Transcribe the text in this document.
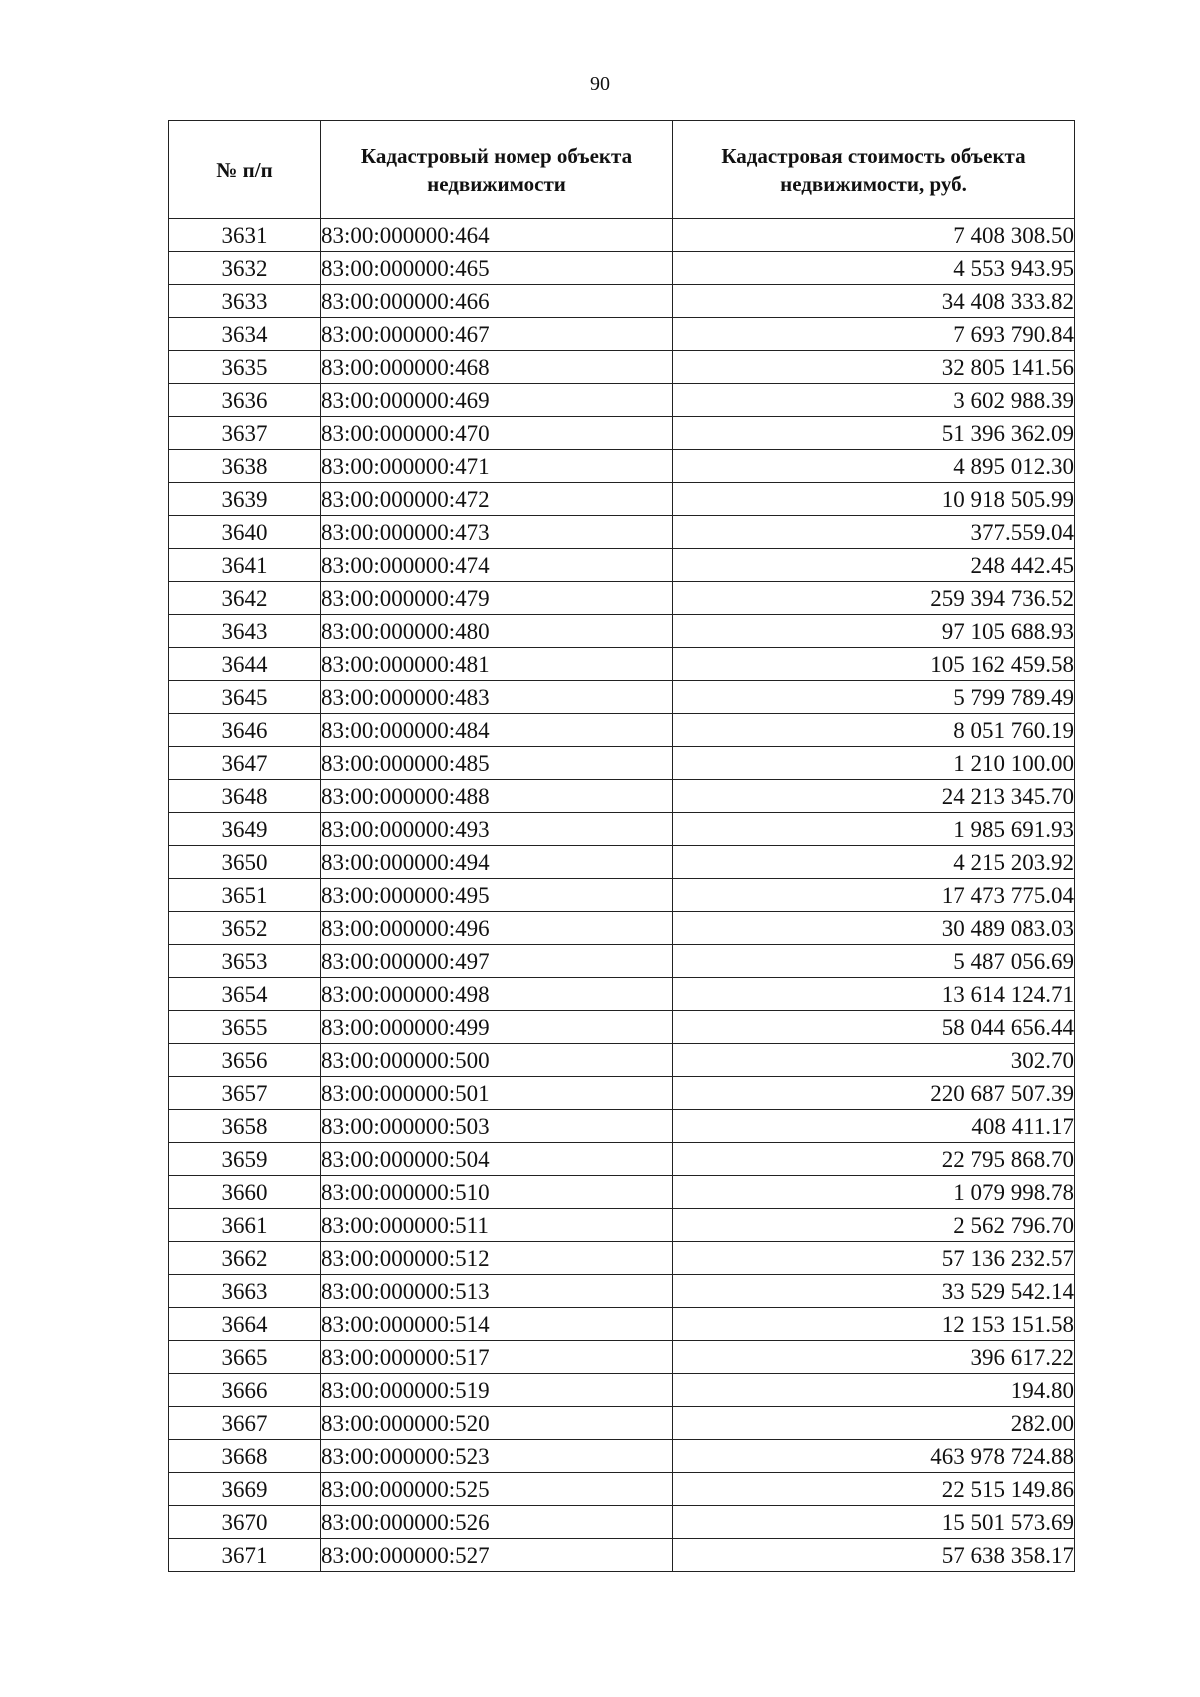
90
№ п/п	Кадастровый номер объекта недвижимости	Кадастровая стоимость объекта недвижимости, руб.
3631	83:00:000000:464	7 408 308.50
3632	83:00:000000:465	4 553 943.95
3633	83:00:000000:466	34 408 333.82
3634	83:00:000000:467	7 693 790.84
3635	83:00:000000:468	32 805 141.56
3636	83:00:000000:469	3 602 988.39
3637	83:00:000000:470	51 396 362.09
3638	83:00:000000:471	4 895 012.30
3639	83:00:000000:472	10 918 505.99
3640	83:00:000000:473	377.559.04
3641	83:00:000000:474	248 442.45
3642	83:00:000000:479	259 394 736.52
3643	83:00:000000:480	97 105 688.93
3644	83:00:000000:481	105 162 459.58
3645	83:00:000000:483	5 799 789.49
3646	83:00:000000:484	8 051 760.19
3647	83:00:000000:485	1 210 100.00
3648	83:00:000000:488	24 213 345.70
3649	83:00:000000:493	1 985 691.93
3650	83:00:000000:494	4 215 203.92
3651	83:00:000000:495	17 473 775.04
3652	83:00:000000:496	30 489 083.03
3653	83:00:000000:497	5 487 056.69
3654	83:00:000000:498	13 614 124.71
3655	83:00:000000:499	58 044 656.44
3656	83:00:000000:500	302.70
3657	83:00:000000:501	220 687 507.39
3658	83:00:000000:503	408 411.17
3659	83:00:000000:504	22 795 868.70
3660	83:00:000000:510	1 079 998.78
3661	83:00:000000:511	2 562 796.70
3662	83:00:000000:512	57 136 232.57
3663	83:00:000000:513	33 529 542.14
3664	83:00:000000:514	12 153 151.58
3665	83:00:000000:517	396 617.22
3666	83:00:000000:519	194.80
3667	83:00:000000:520	282.00
3668	83:00:000000:523	463 978 724.88
3669	83:00:000000:525	22 515 149.86
3670	83:00:000000:526	15 501 573.69
3671	83:00:000000:527	57 638 358.17
